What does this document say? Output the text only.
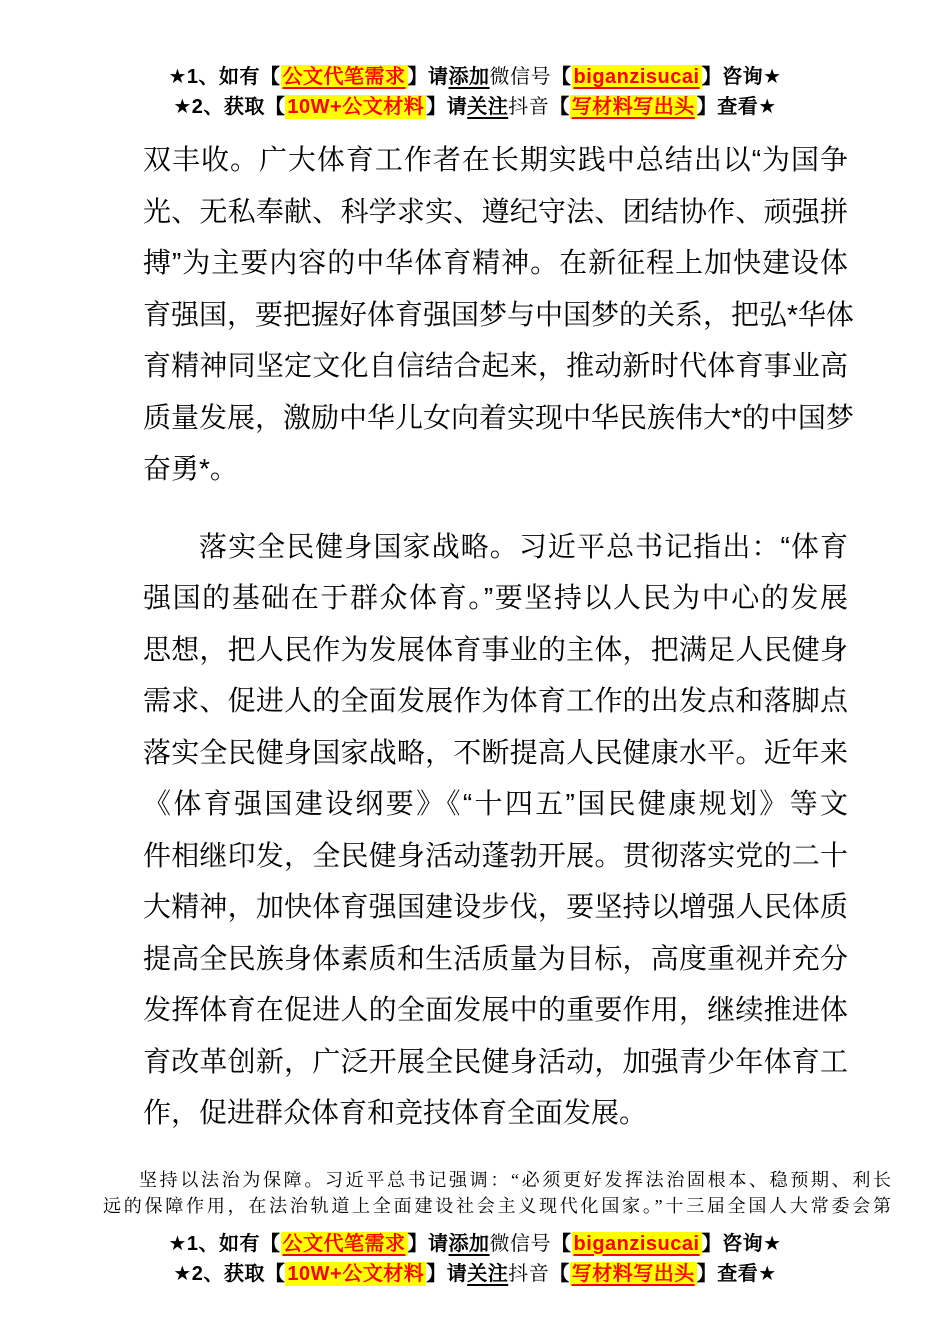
★1、如有【 公文代笔需求 】请添加微信号【 biganzisucai 】咨询★
★2、获取【 10W+公文材料 】请关注抖音【 写材料写出头 】查看★
双丰收。广大体育工作者在长期实践中总结出以“为国争
光、无私奉献、科学求实、遵纪守法、团结协作、顽强拼
搏”为主要内容的中华体育精神。在新征程上加快建设体
育强国，要把握好体育强国梦与中国梦的关系，把弘*华体
育精神同坚定文化自信结合起来，推动新时代体育事业高
质量发展，激励中华儿女向着实现中华民族伟大*的中国梦
奋勇*。
落实全民健身国家战略。习近平总书记指出：“体育
强国的基础在于群众体育。”要坚持以人民为中心的发展
思想，把人民作为发展体育事业的主体，把满足人民健身
需求、促进人的全面发展作为体育工作的出发点和落脚点
落实全民健身国家战略，不断提高人民健康水平。近年来
《体育强国建设纲要》《“十四五”国民健康规划》等文
件相继印发，全民健身活动蓬勃开展。贯彻落实党的二十
大精神，加快体育强国建设步伐，要坚持以增强人民体质
提高全民族身体素质和生活质量为目标，高度重视并充分
发挥体育在促进人的全面发展中的重要作用，继续推进体
育改革创新，广泛开展全民健身活动，加强青少年体育工
作，促进群众体育和竞技体育全面发展。
坚持以法治为保障。习近平总书记强调：“必须更好发挥法治固根本、稳预期、利长
远的保障作用，在法治轨道上全面建设社会主义现代化国家。”十三届全国人大常委会第
★1、如有【 公文代笔需求 】请添加微信号【 biganzisucai 】咨询★
★2、获取【 10W+公文材料 】请关注抖音【 写材料写出头 】查看★
